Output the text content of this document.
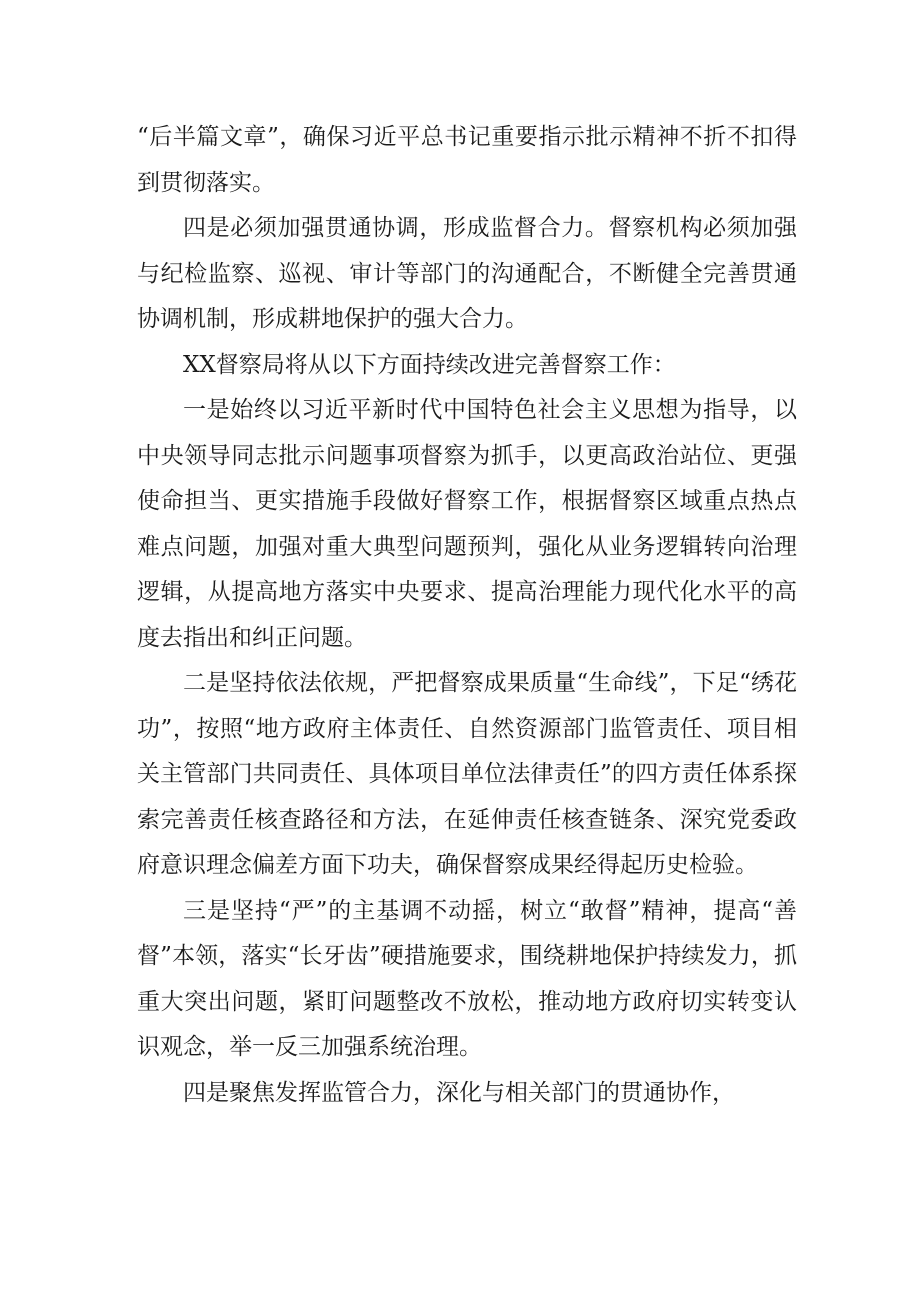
“后半篇文章”，确保习近平总书记重要指示批示精神不折不扣得到贯彻落实。

四是必须加强贯通协调，形成监督合力。督察机构必须加强与纪检监察、巡视、审计等部门的沟通配合，不断健全完善贯通协调机制，形成耕地保护的强大合力。

XX督察局将从以下方面持续改进完善督察工作：

一是始终以习近平新时代中国特色社会主义思想为指导，以中央领导同志批示问题事项督察为抓手，以更高政治站位、更强使命担当、更实措施手段做好督察工作，根据督察区域重点热点难点问题，加强对重大典型问题预判，强化从业务逻辑转向治理逻辑，从提高地方落实中央要求、提高治理能力现代化水平的高度去指出和纠正问题。

二是坚持依法依规，严把督察成果质量“生命线”，下足“绣花功”，按照“地方政府主体责任、自然资源部门监管责任、项目相关主管部门共同责任、具体项目单位法律责任”的四方责任体系探索完善责任核查路径和方法，在延伸责任核查链条、深究党委政府意识理念偏差方面下功夫，确保督察成果经得起历史检验。

三是坚持“严”的主基调不动摇，树立“敢督”精神，提高“善督”本领，落实“长牙齿”硬措施要求，围绕耕地保护持续发力，抓重大突出问题，紧盯问题整改不放松，推动地方政府切实转变认识观念，举一反三加强系统治理。

四是聚焦发挥监管合力，深化与相关部门的贯通协作，
